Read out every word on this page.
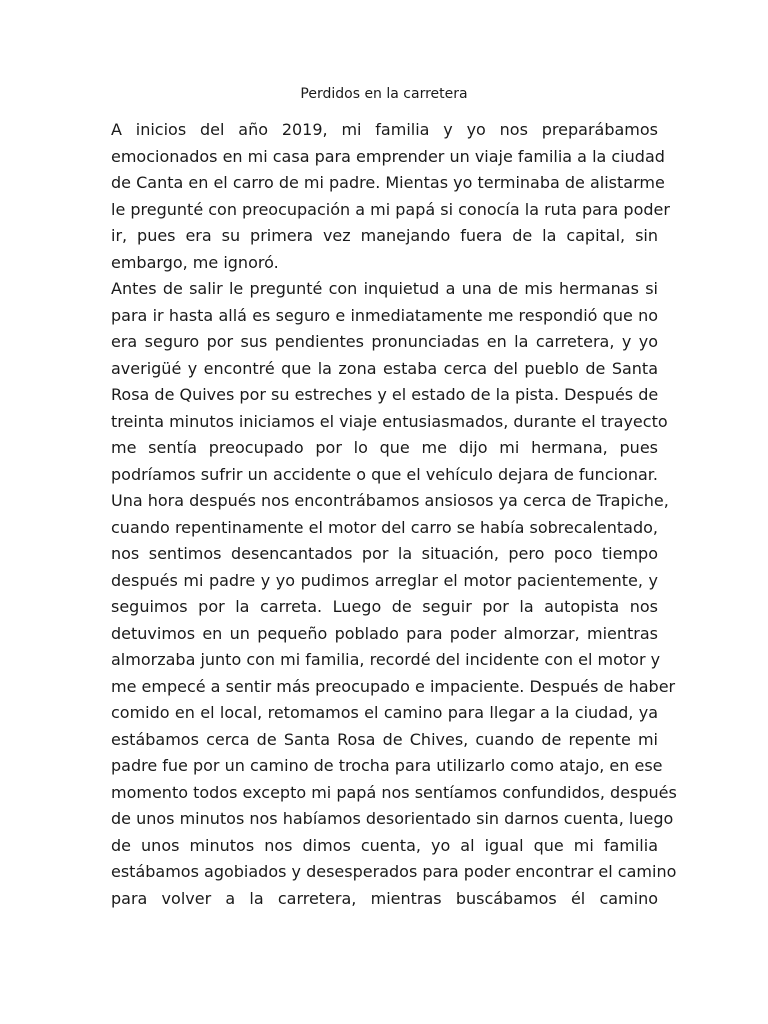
Perdidos en la carretera
A inicios del año 2019, mi familia y yo nos preparábamos
emocionados en mi casa para emprender un viaje familia a la ciudad
de Canta en el carro de mi padre. Mientas yo terminaba de alistarme
le pregunté con preocupación a mi papá si conocía la ruta para poder
ir, pues era su primera vez manejando fuera de la capital, sin
embargo, me ignoró.
Antes de salir le pregunté con inquietud a una de mis hermanas si
para ir hasta allá es seguro e inmediatamente me respondió que no
era seguro por sus pendientes pronunciadas en la carretera, y yo
averigüé y encontré que la zona estaba cerca del pueblo de Santa
Rosa de Quives por su estreches y el estado de la pista. Después de
treinta minutos iniciamos el viaje entusiasmados, durante el trayecto
me sentía preocupado por lo que me dijo mi hermana, pues
podríamos sufrir un accidente o que el vehículo dejara de funcionar.
Una hora después nos encontrábamos ansiosos ya cerca de Trapiche,
cuando repentinamente el motor del carro se había sobrecalentado,
nos sentimos desencantados por la situación, pero poco tiempo
después mi padre y yo pudimos arreglar el motor pacientemente, y
seguimos por la carreta. Luego de seguir por la autopista nos
detuvimos en un pequeño poblado para poder almorzar, mientras
almorzaba junto con mi familia, recordé del incidente con el motor y
me empecé a sentir más preocupado e impaciente. Después de haber
comido en el local, retomamos el camino para llegar a la ciudad, ya
estábamos cerca de Santa Rosa de Chives, cuando de repente mi
padre fue por un camino de trocha para utilizarlo como atajo, en ese
momento todos excepto mi papá nos sentíamos confundidos, después
de unos minutos nos habíamos desorientado sin darnos cuenta, luego
de unos minutos nos dimos cuenta, yo al igual que mi familia
estábamos agobiados y desesperados para poder encontrar el camino
para volver a la carretera, mientras buscábamos él camino
